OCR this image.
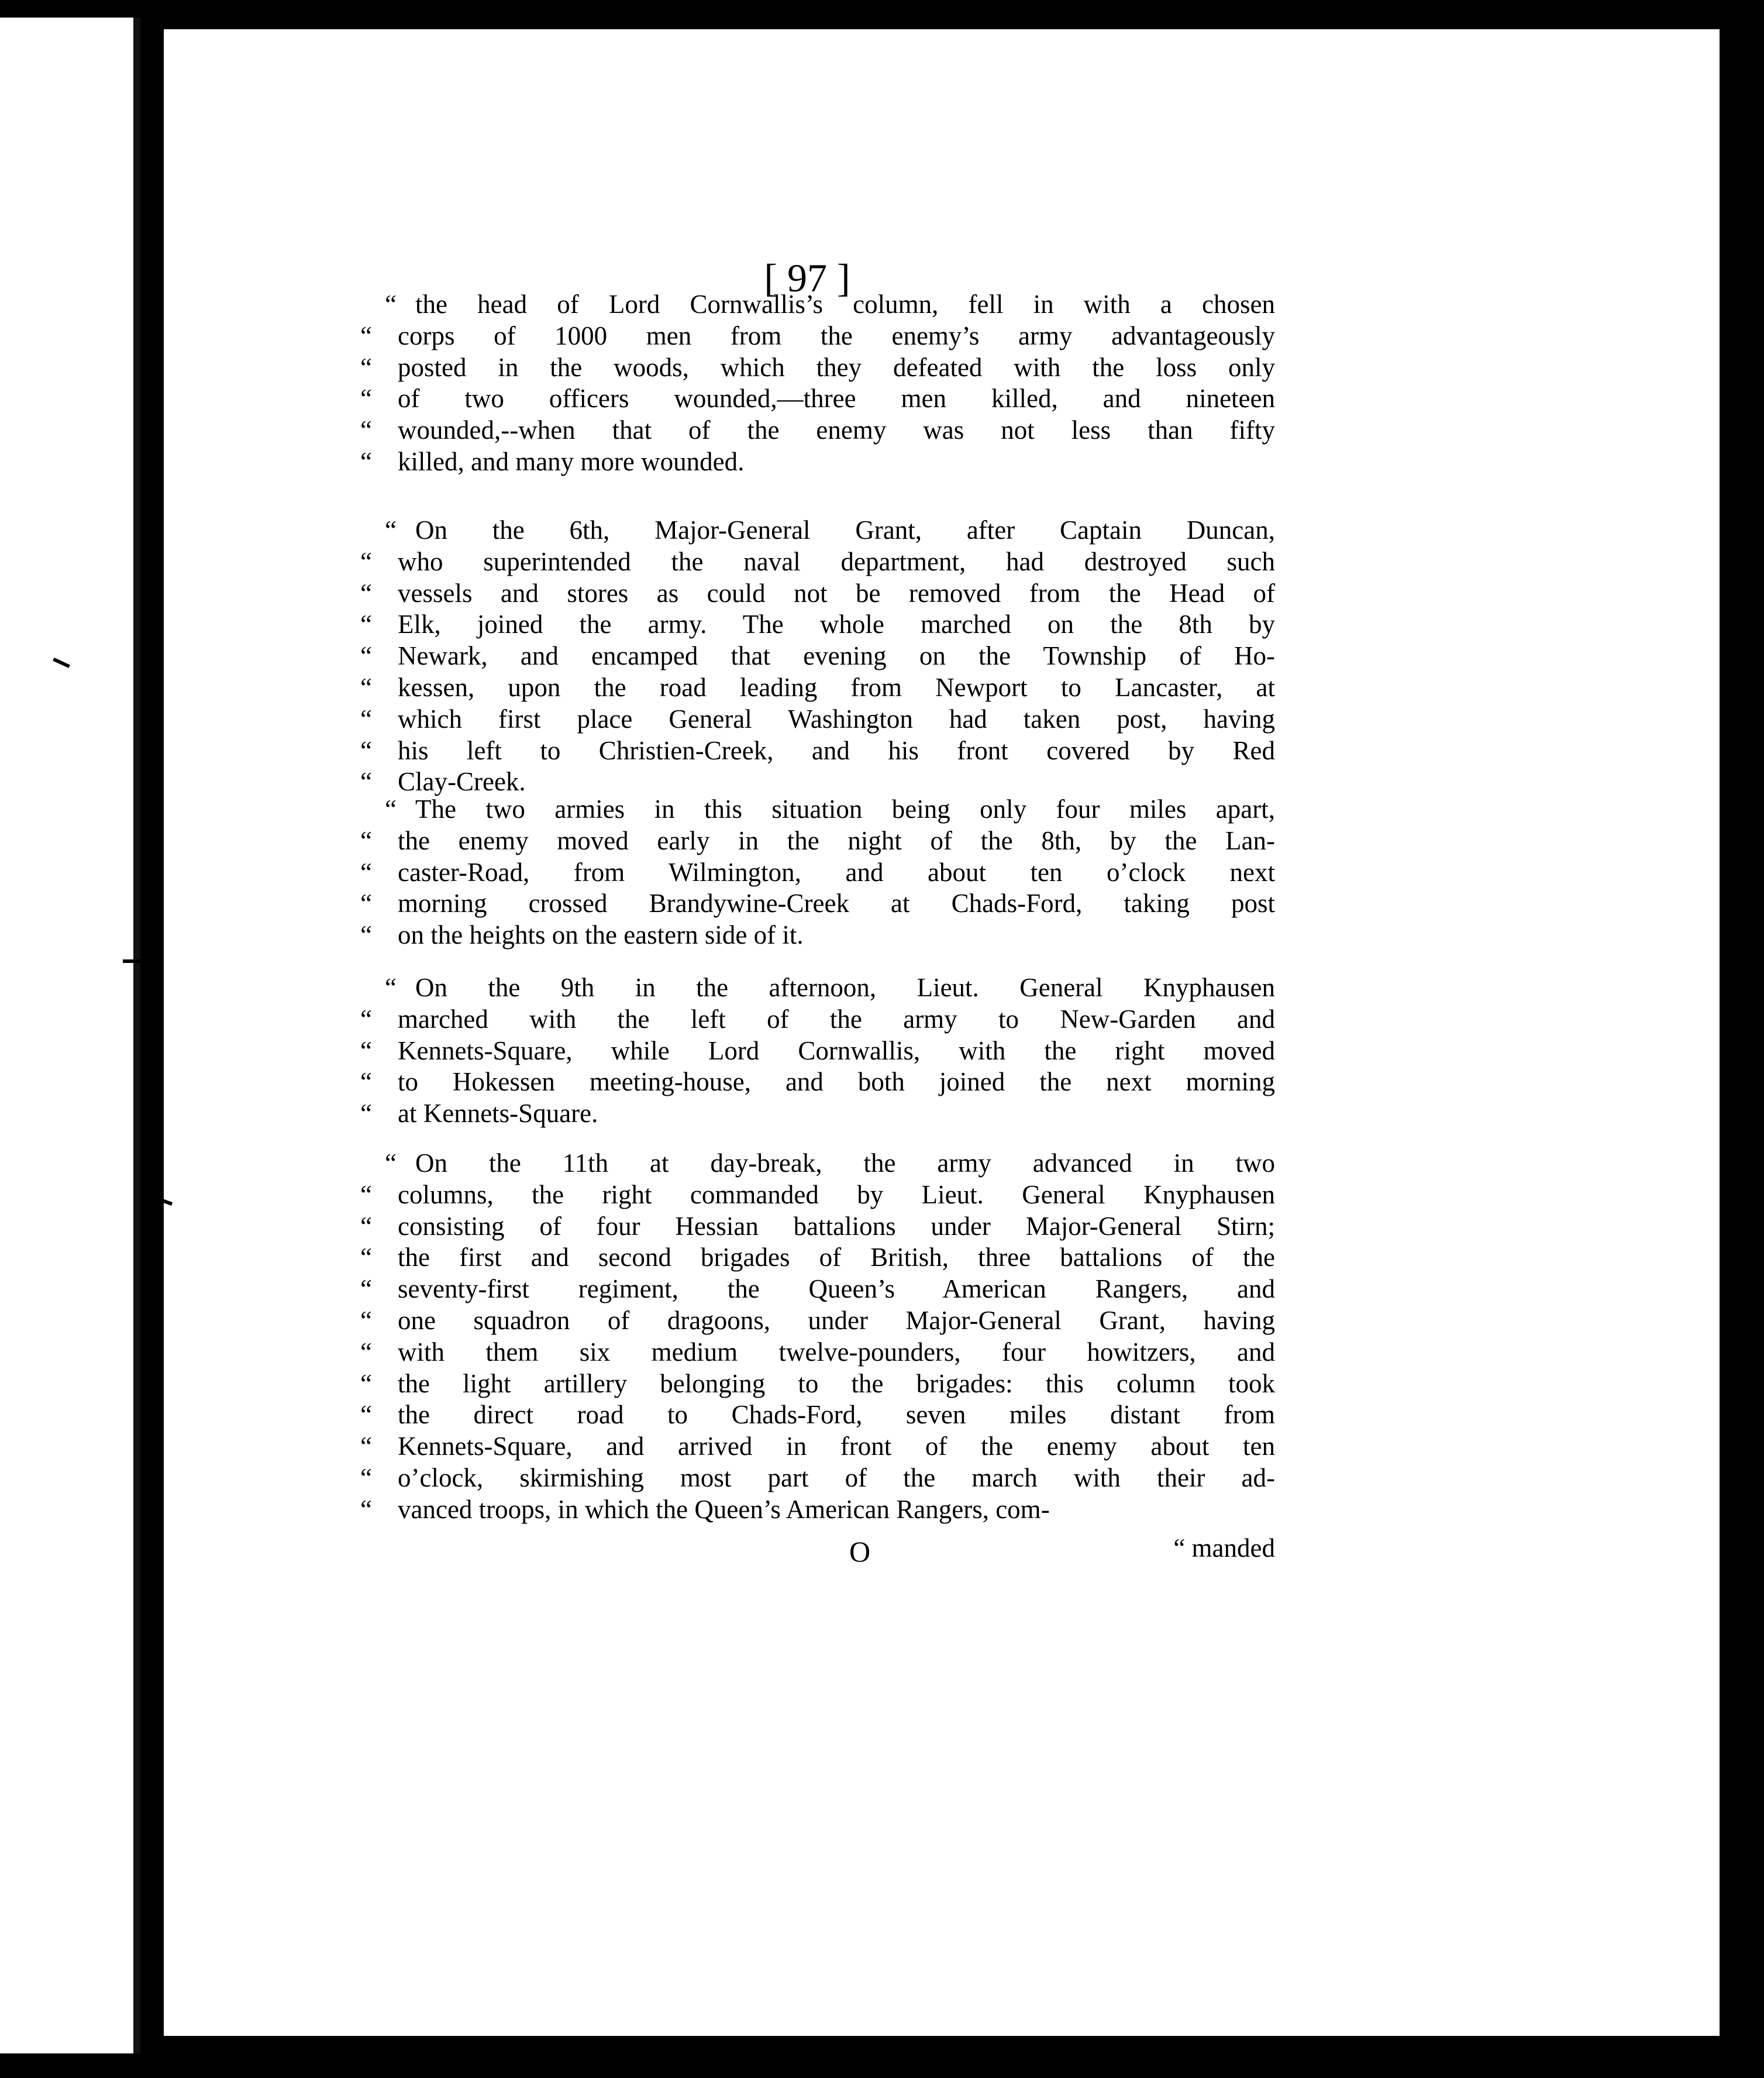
[ 97 ]
“ the head of Lord Cornwallis’s column, fell in with a chosen
“ corps of 1000 men from the enemy’s army advantageously
“ posted in the woods, which they defeated with the loss only
“ of two officers wounded,—three men killed, and nineteen
“ wounded,--when that of the enemy was not less than fifty
“ killed, and many more wounded.
“ On the 6th, Major-General Grant, after Captain Duncan,
“ who superintended the naval department, had destroyed such
“ vessels and stores as could not be removed from the Head of
“ Elk, joined the army. The whole marched on the 8th by
“ Newark, and encamped that evening on the Township of Ho-
“ kessen, upon the road leading from Newport to Lancaster, at
“ which first place General Washington had taken post, having
“ his left to Christien-Creek, and his front covered by Red
“ Clay-Creek.
“ The two armies in this situation being only four miles apart,
“ the enemy moved early in the night of the 8th, by the Lan-
“ caster-Road, from Wilmington, and about ten o’clock next
“ morning crossed Brandywine-Creek at Chads-Ford, taking post
“ on the heights on the eastern side of it.
“ On the 9th in the afternoon, Lieut. General Knyphausen
“ marched with the left of the army to New-Garden and
“ Kennets-Square, while Lord Cornwallis, with the right moved
“ to Hokessen meeting-house, and both joined the next morning
“ at Kennets-Square.
“ On the 11th at day-break, the army advanced in two
“ columns, the right commanded by Lieut. General Knyphausen
“ consisting of four Hessian battalions under Major-General Stirn;
“ the first and second brigades of British, three battalions of the
“ seventy-first regiment, the Queen’s American Rangers, and
“ one squadron of dragoons, under Major-General Grant, having
“ with them six medium twelve-pounders, four howitzers, and
“ the light artillery belonging to the brigades: this column took
“ the direct road to Chads-Ford, seven miles distant from
“ Kennets-Square, and arrived in front of the enemy about ten
“ o’clock, skirmishing most part of the march with their ad-
“ vanced troops, in which the Queen’s American Rangers, com-
O	“ manded
